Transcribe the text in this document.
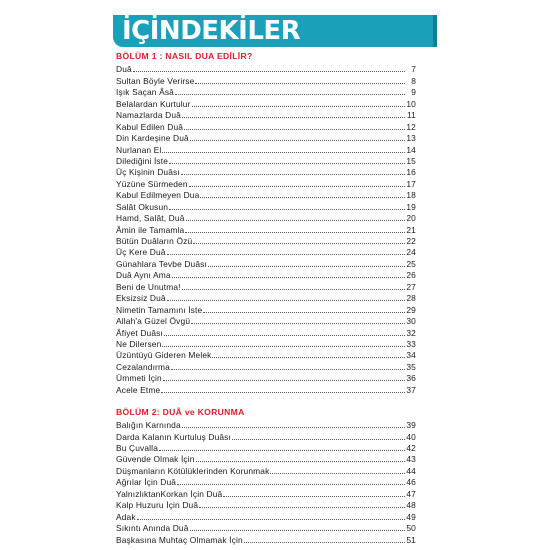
İÇİNDEKİLER
BÖLÜM 1 : NASIL DUA EDİLİR?
Duâ	7
Sultan Böyle Verirse	8
Işık Saçan Âsâ	9
Belalardan Kurtulur	10
Namazlarda Duâ	11
Kabul Edilen Duâ	12
Din Kardeşine Duâ	13
Nurlanan El	14
Dilediğini İste	15
Üç Kişinin Duâsı	16
Yüzüne Sürmeden	17
Kabul Edilmeyen Dua	18
Salât Okusun	19
Hamd, Salât, Duâ	20
Âmin ile Tamamla	21
Bütün Duâların Özü	22
Üç Kere Duâ	24
Günahlara Tevbe Duâsı	25
Duâ Aynı Ama	26
Beni de Unutma!	27
Eksizsiz Duâ	28
Nimetin Tamamını İste	29
Allah'a Güzel Övgü	30
Âfiyet Duâsı	32
Ne Dilersen	33
Üzüntüyü Gideren Melek	34
Cezalandırma	35
Ümmeti İçin	36
Acele Etme	37
BÖLÜM 2: DUÂ ve KORUNMA
Balığın Karnında	39
Darda Kalanın Kurtuluş Duâsı	40
Bu Çuvalla	42
Güvende Olmak İçin	43
Düşmanların Kötülüklerinden Korunmak	44
Ağrılar İçin Duâ	46
YalnızlıktanKorkan İçin Duâ	47
Kalp Huzuru İçin Duâ	48
Adak	49
Sıkıntı Anında Duâ	50
Başkasına Muhtaç Olmamak İçin	51
